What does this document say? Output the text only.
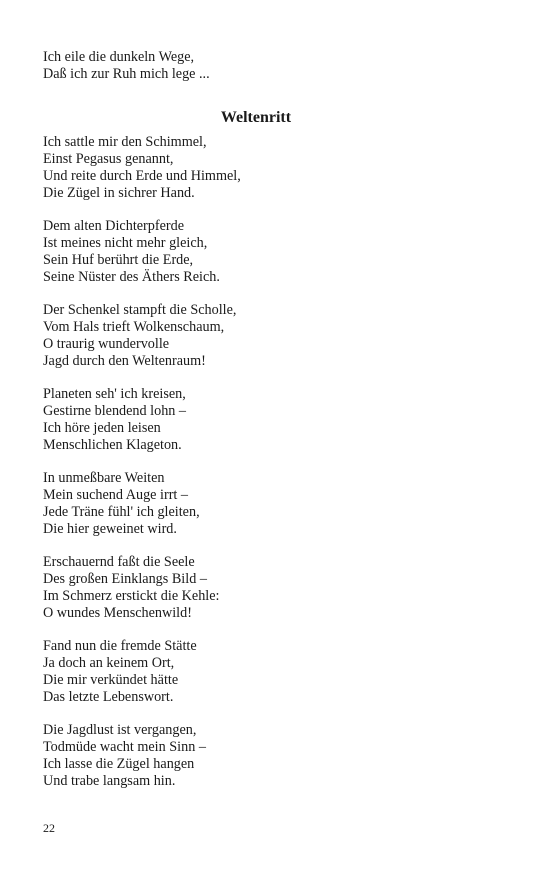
Ich eile die dunkeln Wege,
Daß ich zur Ruh mich lege ...
Weltenritt
Ich sattle mir den Schimmel,
Einst Pegasus genannt,
Und reite durch Erde und Himmel,
Die Zügel in sichrer Hand.
Dem alten Dichterpferde
Ist meines nicht mehr gleich,
Sein Huf berührt die Erde,
Seine Nüster des Äthers Reich.
Der Schenkel stampft die Scholle,
Vom Hals trieft Wolkenschaum,
O traurig wundervolle
Jagd durch den Weltenraum!
Planeten seh' ich kreisen,
Gestirne blendend lohn –
Ich höre jeden leisen
Menschlichen Klageton.
In unmeßbare Weiten
Mein suchend Auge irrt –
Jede Träne fühl' ich gleiten,
Die hier geweinet wird.
Erschauernd faßt die Seele
Des großen Einklangs Bild –
Im Schmerz erstickt die Kehle:
O wundes Menschenwild!
Fand nun die fremde Stätte
Ja doch an keinem Ort,
Die mir verkündet hätte
Das letzte Lebenswort.
Die Jagdlust ist vergangen,
Todmüde wacht mein Sinn –
Ich lasse die Zügel hangen
Und trabe langsam hin.
22
